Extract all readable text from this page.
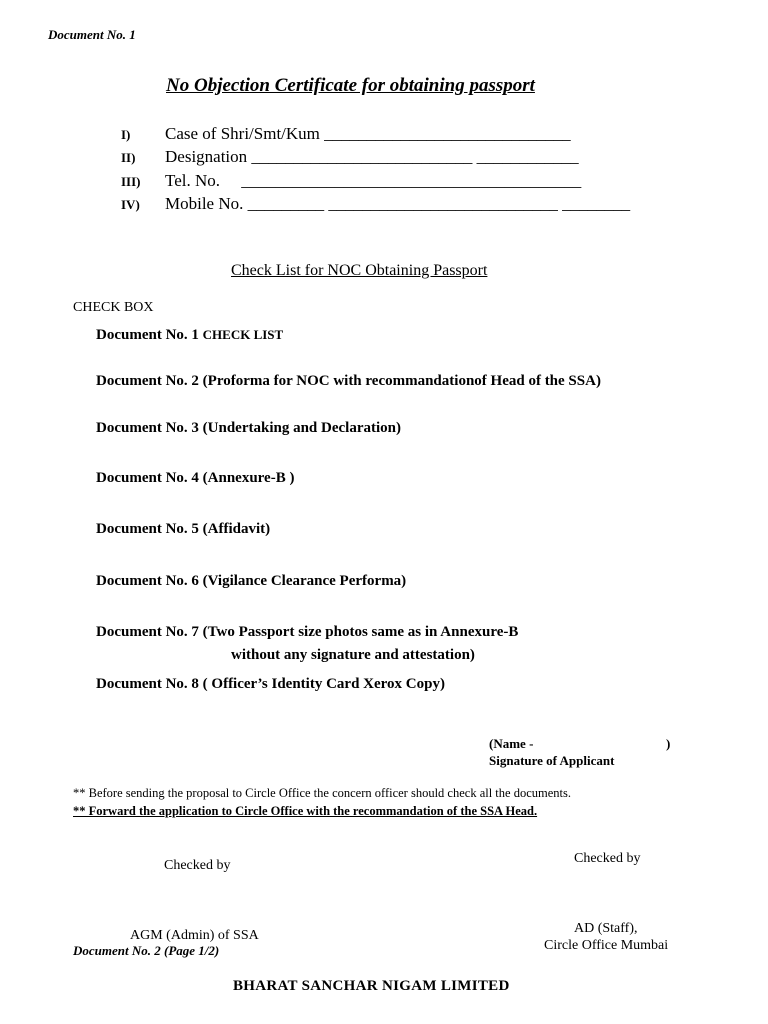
Document No. 1
No Objection Certificate for obtaining passport
I) Case of Shri/Smt/Kum _____________________________
II) Designation __________________________ ____________
III) Tel. No. ________________________________________
IV) Mobile No. _________ ___________________________ ________
Check List for NOC Obtaining Passport
CHECK BOX
Document No. 1 CHECK LIST
Document No. 2 (Proforma for NOC with recommandationof Head of the SSA)
Document No. 3 (Undertaking and Declaration)
Document No. 4 (Annexure-B )
Document No. 5 (Affidavit)
Document No. 6 (Vigilance Clearance Performa)
Document No. 7 (Two Passport size photos same as in Annexure-B
without any signature and attestation)
Document No. 8 ( Officer’s Identity Card Xerox Copy)
(Name -	)
Signature of Applicant
** Before sending the proposal to Circle Office the concern officer should check all the documents.
** Forward the application to Circle Office with the recommandation of the SSA Head.
Checked by	Checked by
AGM (Admin) of SSA	AD (Staff),
Circle Office Mumbai
Document No. 2 (Page 1/2)
BHARAT SANCHAR NIGAM LIMITED
